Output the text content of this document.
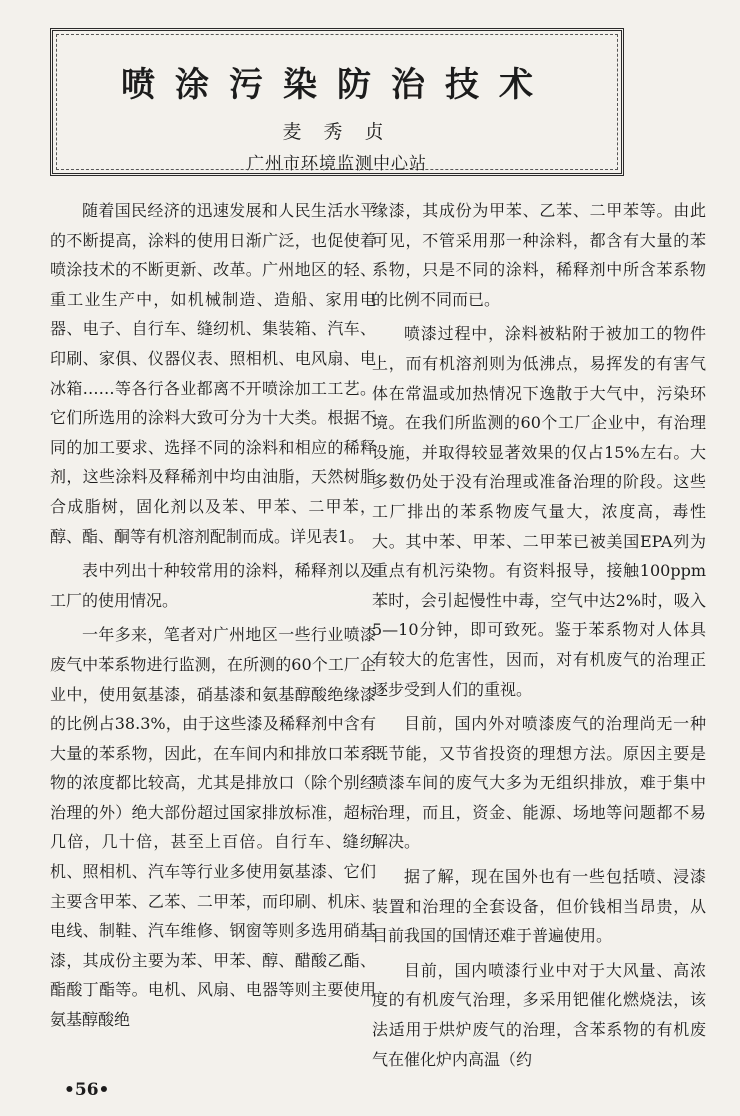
喷涂污染防治技术
麦 秀 贞
广州市环境监测中心站

随着国民经济的迅速发展和人民生活水平的不断提高，涂料的使用日渐广泛，也促使着喷涂技术的不断更新、改革。广州地区的轻、重工业生产中，如机械制造、造船、家用电器、电子、自行车、缝纫机、集装箱、汽车、印刷、家俱、仪器仪表、照相机、电风扇、电冰箱……等各行各业都离不开喷涂加工工艺。它们所选用的涂料大致可分为十大类。根据不同的加工要求、选择不同的涂料和相应的稀释剂，这些涂料及释稀剂中均由油脂，天然树脂合成脂树，固化剂以及苯、甲苯、二甲苯，醇、酯、酮等有机溶剂配制而成。详见表1。

表中列出十种较常用的涂料，稀释剂以及工厂的使用情况。

一年多来，笔者对广州地区一些行业喷漆废气中苯系物进行监测，在所测的60个工厂企业中，使用氨基漆，硝基漆和氨基醇酸绝缘漆的比例占38.3%，由于这些漆及稀释剂中含有大量的苯系物，因此，在车间内和排放口苯系物的浓度都比较高，尤其是排放口（除个别经治理的外）绝大部份超过国家排放标准，超标几倍，几十倍，甚至上百倍。自行车、缝纫机、照相机、汽车等行业多使用氨基漆、它们主要含甲苯、乙苯、二甲苯，而印刷、机床、电线、制鞋、汽车维修、钢窗等则多选用硝基漆，其成份主要为苯、甲苯、醇、醋酸乙酯、酯酸丁酯等。电机、风扇、电器等则主要使用氨基醇酸绝

缘漆，其成份为甲苯、乙苯、二甲苯等。由此可见，不管采用那一种涂料，都含有大量的苯系物，只是不同的涂料，稀释剂中所含苯系物的比例不同而已。

喷漆过程中，涂料被粘附于被加工的物件上，而有机溶剂则为低沸点，易挥发的有害气体在常温或加热情况下逸散于大气中，污染环境。在我们所监测的60个工厂企业中，有治理设施，并取得较显著效果的仅占15%左右。大多数仍处于没有治理或准备治理的阶段。这些工厂排出的苯系物废气量大，浓度高，毒性大。其中苯、甲苯、二甲苯已被美国EPA列为重点有机污染物。有资料报导，接触100ppm苯时，会引起慢性中毒，空气中达2%时，吸入5—10分钟，即可致死。鉴于苯系物对人体具有较大的危害性，因而，对有机废气的治理正逐步受到人们的重视。

目前，国内外对喷漆废气的治理尚无一种既节能，又节省投资的理想方法。原因主要是喷漆车间的废气大多为无组织排放，难于集中治理，而且，资金、能源、场地等问题都不易解决。

据了解，现在国外也有一些包括喷、浸漆装置和治理的全套设备，但价钱相当昂贵，从目前我国的国情还难于普遍使用。

目前，国内喷漆行业中对于大风量、高浓度的有机废气治理，多采用钯催化燃烧法，该法适用于烘炉废气的治理，含苯系物的有机废气在催化炉内高温（约

•56•
